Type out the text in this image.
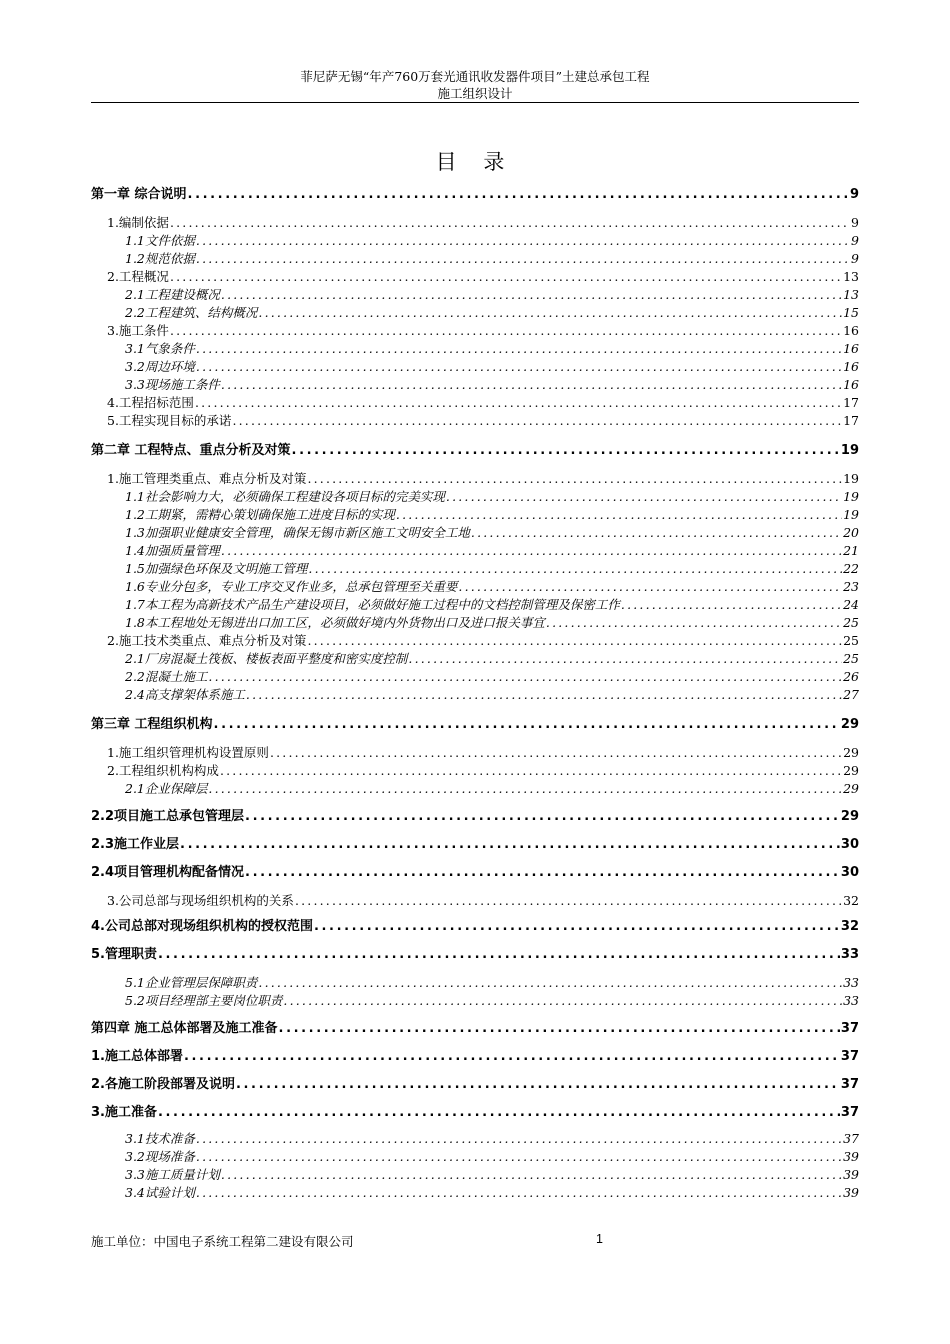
菲尼萨无锡“年产760万套光通讯收发器件项目”土建总承包工程
施工组织设计
目 录
第一章 综合说明 .....	9
1.编制依据 .....	9
1.1文件依据 .....	9
1.2规范依据 .....	9
2.工程概况 .....	13
2.1工程建设概况 .....	13
2.2工程建筑、结构概况 .....	15
3.施工条件 .....	16
3.1气象条件 .....	16
3.2周边环境 .....	16
3.3现场施工条件 .....	16
4.工程招标范围 .....	17
5.工程实现目标的承诺 .....	17
第二章 工程特点、重点分析及对策 .....	19
1.施工管理类重点、难点分析及对策 .....	19
1.1社会影响力大，必须确保工程建设各项目标的完美实现 .....	19
1.2工期紧，需精心策划确保施工进度目标的实现 .....	19
1.3加强职业健康安全管理，确保无锡市新区施工文明安全工地 .....	20
1.4加强质量管理 .....	21
1.5加强绿色环保及文明施工管理 .....	22
1.6专业分包多，专业工序交叉作业多，总承包管理至关重要 .....	23
1.7本工程为高新技术产品生产建设项目，必须做好施工过程中的文档控制管理及保密工作 .....	24
1.8本工程地处无锡进出口加工区，必须做好境内外货物出口及进口报关事宜 .....	25
2.施工技术类重点、难点分析及对策 .....	25
2.1厂房混凝土筏板、楼板表面平整度和密实度控制 .....	25
2.2混凝土施工 .....	26
2.4高支撑架体系施工 .....	27
第三章 工程组织机构 .....	29
1.施工组织管理机构设置原则 .....	29
2.工程组织机构构成 .....	29
2.1企业保障层 .....	29
2.2项目施工总承包管理层 .....	29
2.3施工作业层 .....	30
2.4项目管理机构配备情况 .....	30
3.公司总部与现场组织机构的关系 .....	32
4.公司总部对现场组织机构的授权范围 .....	32
5.管理职责 .....	33
5.1企业管理层保障职责 .....	33
5.2项目经理部主要岗位职责 .....	33
第四章 施工总体部署及施工准备 .....	37
1.施工总体部署 .....	37
2.各施工阶段部署及说明 .....	37
3.施工准备 .....	37
3.1技术准备 .....	37
3.2现场准备 .....	39
3.3施工质量计划 .....	39
3.4试验计划 .....	39
施工单位：中国电子系统工程第二建设有限公司	1
